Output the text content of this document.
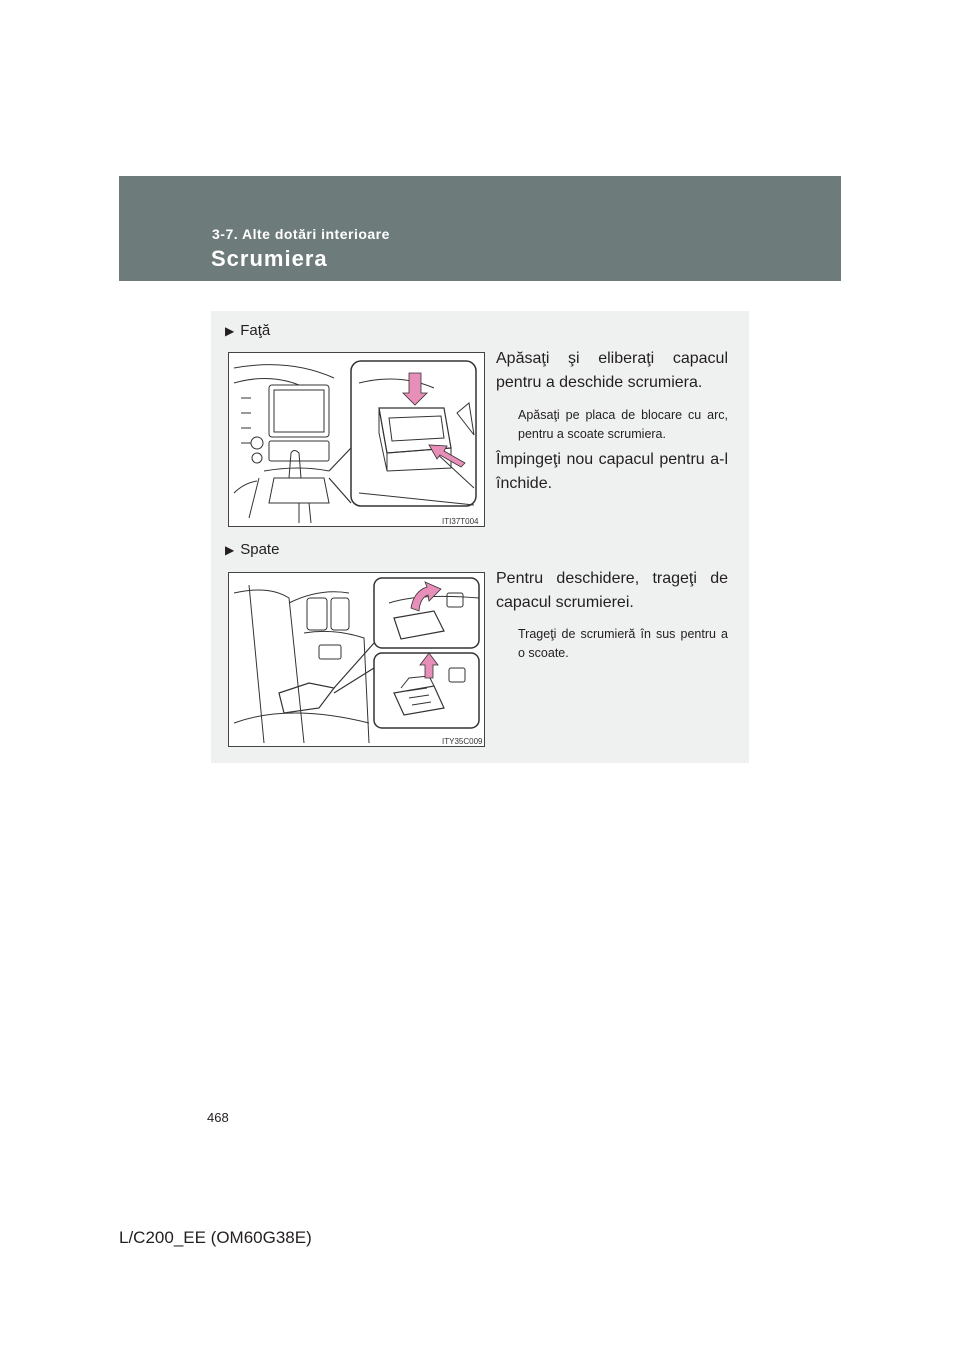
3-7. Alte dotări interioare
Scrumiera
▶ Faţă
ITI37T004
Apăsaţi şi eliberaţi capacul pentru a deschide scrumiera.
Apăsaţi pe placa de blocare cu arc, pentru a scoate scrumiera.
Împingeţi nou capacul pentru a-l închide.
▶ Spate
ITY35C009
Pentru deschidere, trageţi de capacul scrumierei.
Trageţi de scrumieră în sus pentru a o scoate.
468
L/C200_EE (OM60G38E)
